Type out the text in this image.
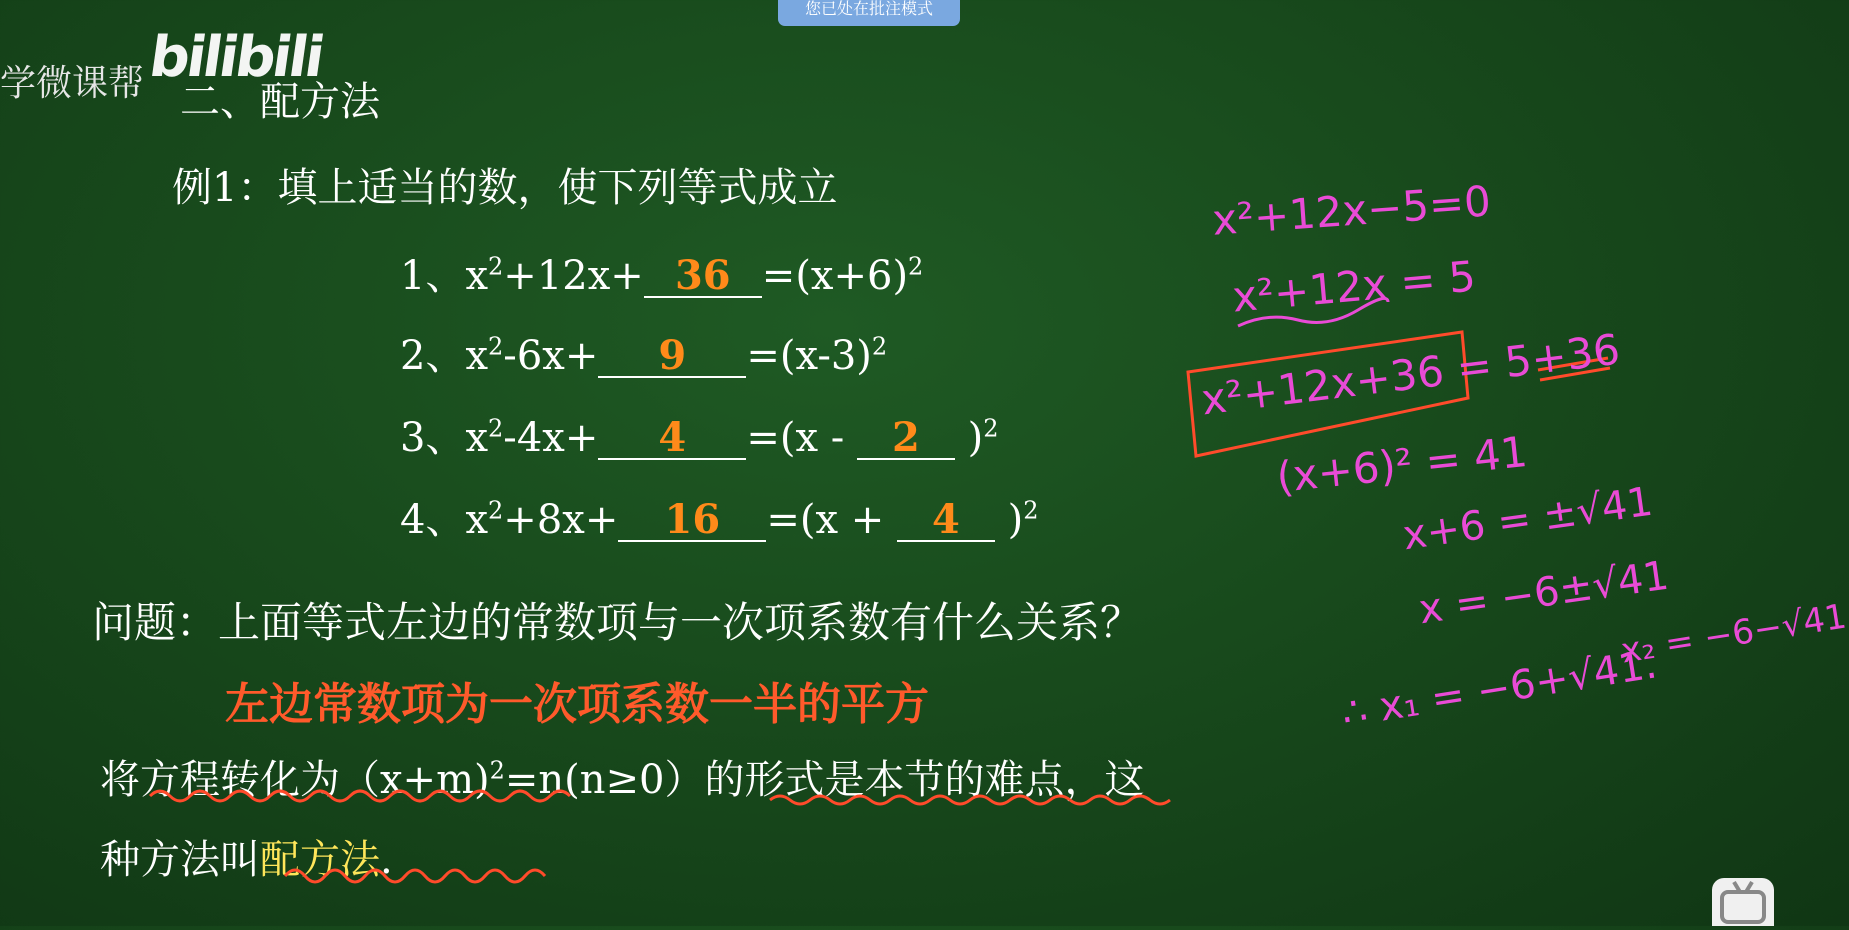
您已处在批注模式
学微课帮 bilibili
二、配方法
例1：填上适当的数，使下列等式成立
1、$x^2+12x+ 36 =(x+6)^2$
2、$x^2-6x+ 9 =(x-3)^2$
3、$x^2-4x+ 4 =(x - 2$ )$^2$
4、$x^2+8x+ 16 =(x + 4$ )$^2$
问题：上面等式左边的常数项与一次项系数有什么关系？
左边常数项为一次项系数一半的平方
将方程转化为（x+m)$^2$=n(n≥0）的形式是本节的难点，这
种方法叫配方法.
x²+12x−5=0
x²+12x = 5
x²+12x+36 = 5+36
(x+6)² = 41
x+6 = ±√41
x = −6±√41
x₂ = −6−√41
∴ x₁ = −6+√41.
